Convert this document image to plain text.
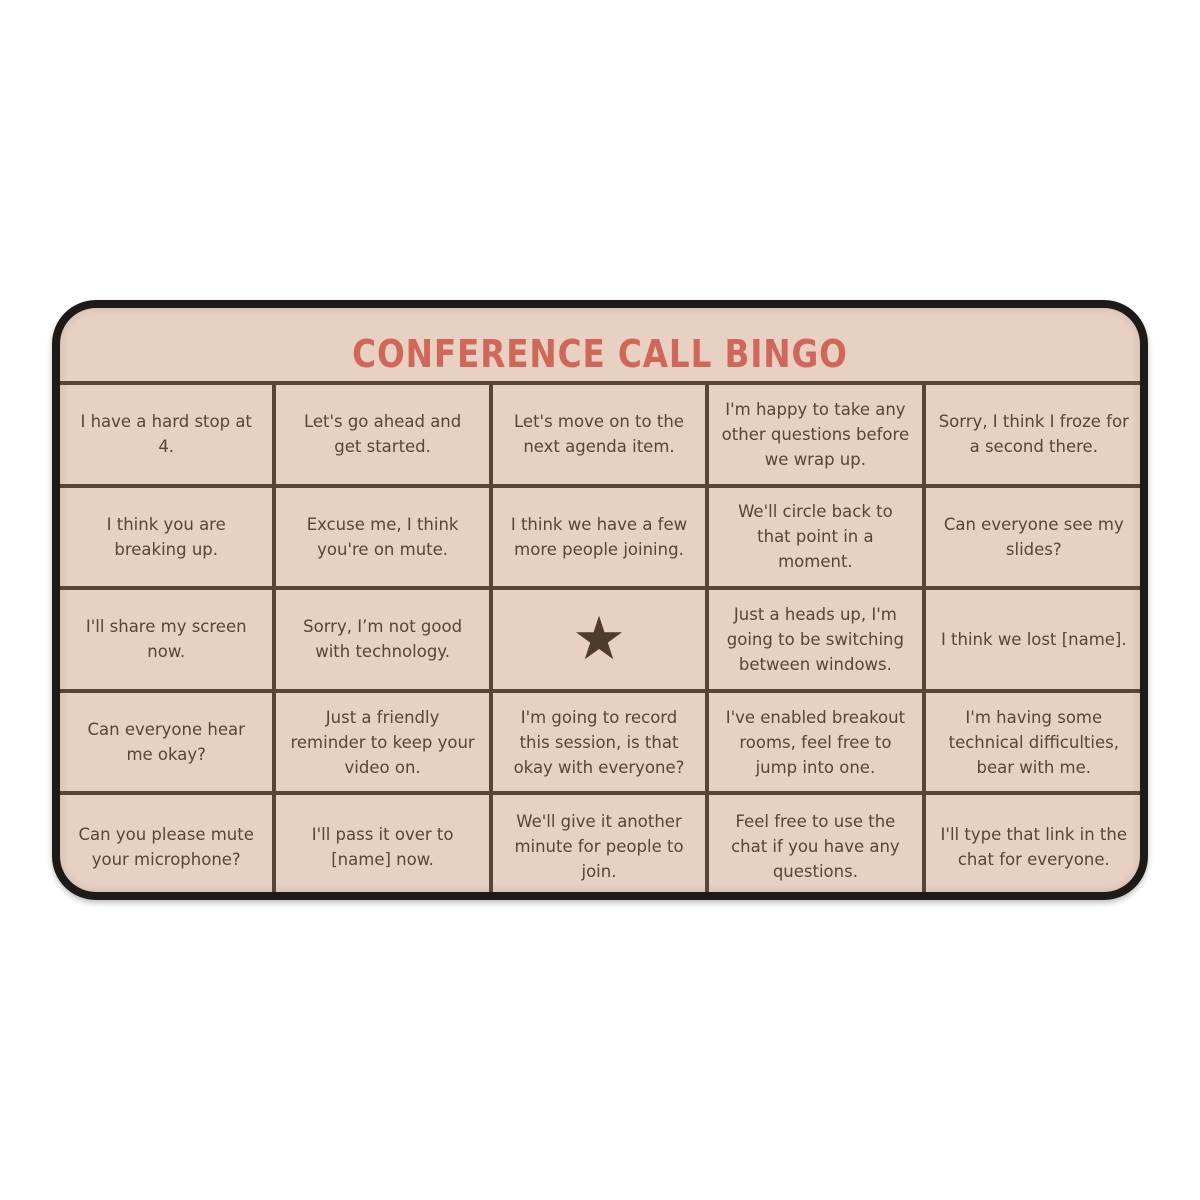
CONFERENCE CALL BINGO
I have a hard stop at 4.
Let's go ahead and get started.
Let's move on to the next agenda item.
I'm happy to take any other questions before we wrap up.
Sorry, I think I froze for a second there.
I think you are breaking up.
Excuse me, I think you're on mute.
I think we have a few more people joining.
We'll circle back to that point in a moment.
Can everyone see my slides?
I'll share my screen now.
Sorry, I’m not good with technology.	★	Just a heads up, I'm going to be switching between windows.
I think we lost [name].
Can everyone hear me okay?
Just a friendly reminder to keep your video on.
I'm going to record this session, is that okay with everyone?
I've enabled breakout rooms, feel free to jump into one.
I'm having some technical difficulties, bear with me.
Can you please mute your microphone?
I'll pass it over to [name] now.
We'll give it another minute for people to join.
Feel free to use the chat if you have any questions.
I'll type that link in the chat for everyone.
